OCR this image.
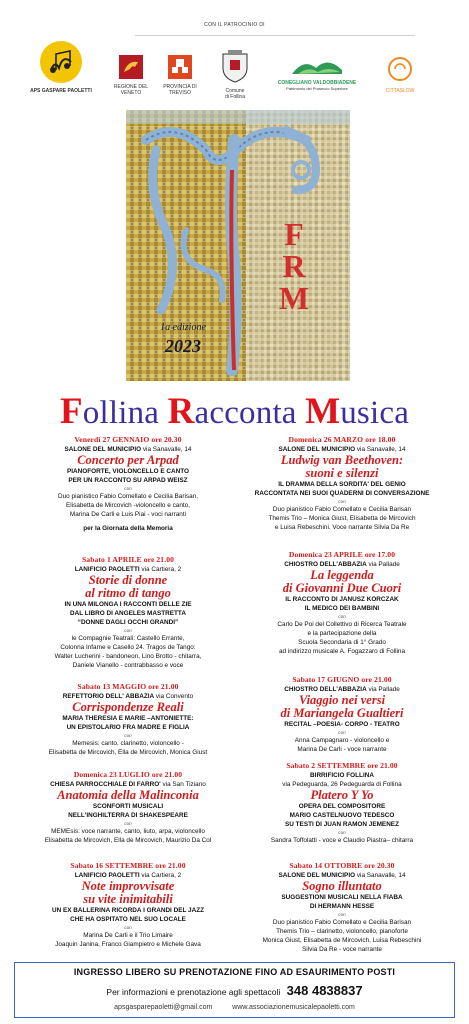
CON IL PATROCINIO DI
APS GASPARE PAOLETTI
REGIONE DEL VENETO
PROVINCIA DI TREVISO	Comune
di Follina
CONEGLIANO VALDOBBIADENE
Patrimonio del Prosecco Superiore	CITTASLOW
F
R
M
1a edizione
2023
Follina Racconta Musica
Venerdì 27 GENNAIO ore 20.30
SALONE DEL MUNICIPIO via Sanavalle, 14
Concerto per Arpad
PIANOFORTE, VIOLONCELLO E CANTO
PER UN RACCONTO SU ARPAD WEISZ
con
Duo pianistico Fabio Comellato e Cecilia Barisan,
Elisabetta de Mircovich -violoncello e canto,
Marina De Carli e Luis Piai - voci narranti
per la Giornata della Memoria
Sabato 1 APRILE ore 21.00
LANIFICIO PAOLETTI via Cartiera, 2
Storie di donne
al ritmo di tango
IN UNA MILONGA I RACCONTI DELLE ZIE
DAL LIBRO DI ANGELES MASTRETTA
“DONNE DAGLI OCCHI GRANDI”
con
le Compagnie Teatrali: Castello Errante,
Colonna Infame e Casello 24. Tragos de Tango:
Walter Lucherini - bandoneon, Lino Brotto - chitarra,
Daniele Vianello - contrabbasso e voce
Sabato 13 MAGGIO ore 21.00
REFETTORIO DELL' ABBAZIA via Convento
Corrispondenze Reali
MARIA THERESIA E MARIE –ANTONIETTE:
UN EPISTOLARIO FRA MADRE E FIGLIA
con
Memesis: canto, clarinetto, violoncello -
Elisabetta de Mircovich, Ella de Mircovich, Monica Giust
Domenica 23 LUGLIO ore 21.00
CHIESA PARROCCHIALE DI FARRO' via San Tiziano
Anatomia della Malinconia
SCONFORTI MUSICALI
NELL'INGHILTERRA DI SHAKESPEARE
con
MEMEsis: voce narrante, canto, liuto, arpa, violoncello
Elisabetta de Mircovich, Ella de Mircovich, Maurizio Da Col
Sabato 16 SETTEMBRE ore 21.00
LANIFICIO PAOLETTI via Cartiera, 2
Note improvvisate
su vite inimitabili
UN EX BALLERINA RICORDA I GRANDI DEL JAZZ
CHE HA OSPITATO NEL SUO LOCALE
con
Marina De Carli e il Trio Limaire
Joaquin Janina, Franco Giampietro e Michele Gava
Domenica 26 MARZO ore 18.00
SALONE DEL MUNICIPIO via Sanavalle, 14
Ludwig van Beethoven:
suoni e silenzi
IL DRAMMA DELLA SORDITA' DEL GENIO
RACCONTATA NEI SUOI QUADERNI DI CONVERSAZIONE
con
Duo pianistico Fabio Comellato e Cecilia Barisan
Themis Trio – Monica Giust, Elisabetta de Mircovich
e Luisa Rebeschini. Voce narrante Silvia Da Re
Domenica 23 APRILE ore 17.00
CHIOSTRO DELL'ABBAZIA via Pallade
La leggenda
di Giovanni Due Cuori
IL RACCONTO DI JANUSZ KORCZAK
IL MEDICO DEI BAMBINI
con
Carlo De Poi del Collettivo di Ricerca Teatrale
e la partecipazione della
Scuola Secondaria di 1° Grado
ad indirizzo musicale A. Fogazzaro di Follina
Sabato 17 GIUGNO ore 21.00
CHIOSTRO DELL'ABBAZIA via Pallade
Viaggio nei versi
di Mariangela Gualtieri
RECITAL –POESIA- CORPO - TEATRO
con
Anna Campagnaro - violoncello e
Marina De Carli - voce narrante
Sabato 2 SETTEMBRE ore 21.00
BIRRIFICIO FOLLINA
via Pedeguarda, 26 Pedeguarda di Follina
Platero Y Yo
OPERA DEL COMPOSITORE
MARIO CASTELNUOVO TEDESCO
SU TESTI DI JUAN RAMON JEMENEZ
con
Sandra Toffolatti - voce e Claudio Piastra– chitarra
Sabato 14 OTTOBRE ore 20.30
SALONE DEL MUNICIPIO via Sanavalle, 14
Sogno illuntato
SUGGESTIONI MUSICALI NELLA FIABA
DI HERMANN HESSE
con
Duo pianistico Fabio Comellato e Cecilia Barisan
Themis Trio – clarinetto, violoncello, pianoforte
Monica Giust, Elisabetta de Mircovich, Luisa Rebeschini
Silvia Da Re - voce narrante
INGRESSO LIBERO SU PRENOTAZIONE FINO AD ESAURIMENTO POSTI
Per informazioni e prenotazione agli spettacoli 348 4838837
apsgasparepaoletti@gmail.com	www.associazionemusicalepaoletti.com
